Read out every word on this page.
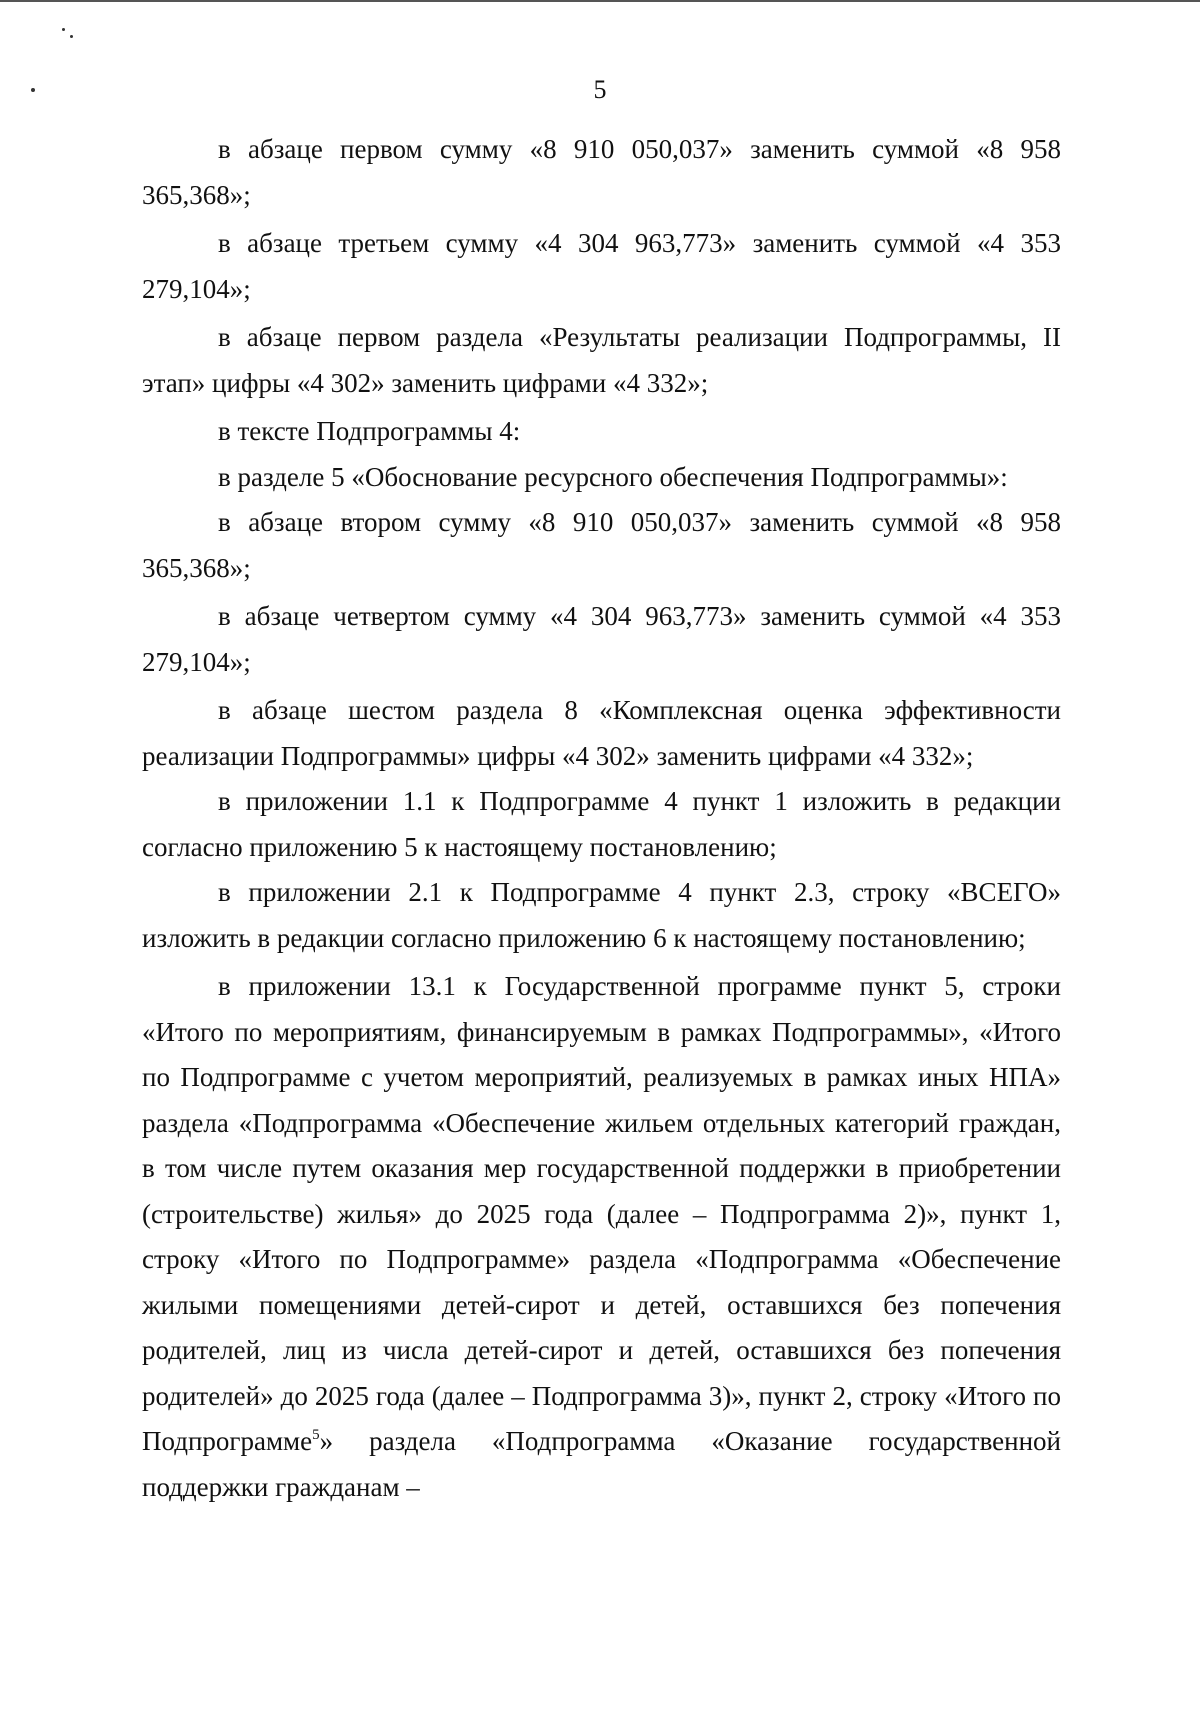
5

в абзаце первом сумму «8 910 050,037» заменить суммой «8 958 365,368»;

в абзаце третьем сумму «4 304 963,773» заменить суммой «4 353 279,104»;

в абзаце первом раздела «Результаты реализации Подпрограммы, II этап» цифры «4 302» заменить цифрами «4 332»;

в тексте Подпрограммы 4:

в разделе 5 «Обоснование ресурсного обеспечения Подпрограммы»:

в абзаце втором сумму «8 910 050,037» заменить суммой «8 958 365,368»;

в абзаце четвертом сумму «4 304 963,773» заменить суммой «4 353 279,104»;

в абзаце шестом раздела 8 «Комплексная оценка эффективности реализации Подпрограммы» цифры «4 302» заменить цифрами «4 332»;

в приложении 1.1 к Подпрограмме 4 пункт 1 изложить в редакции согласно приложению 5 к настоящему постановлению;

в приложении 2.1 к Подпрограмме 4 пункт 2.3, строку «ВСЕГО» изложить в редакции согласно приложению 6 к настоящему постановлению;

в приложении 13.1 к Государственной программе пункт 5, строки «Итого по мероприятиям, финансируемым в рамках Подпрограммы», «Итого по Подпрограмме с учетом мероприятий, реализуемых в рамках иных НПА» раздела «Подпрограмма «Обеспечение жильем отдельных категорий граждан, в том числе путем оказания мер государственной поддержки в приобретении (строительстве) жилья» до 2025 года (далее – Подпрограмма 2)», пункт 1, строку «Итого по Подпрограмме» раздела «Подпрограмма «Обеспечение жилыми помещениями детей-сирот и детей, оставшихся без попечения родителей, лиц из числа детей-сирот и детей, оставшихся без попечения родителей» до 2025 года (далее – Подпрограмма 3)», пункт 2, строку «Итого по Подпрограмме$^5$» раздела «Подпрограмма «Оказание государственной поддержки гражданам –
